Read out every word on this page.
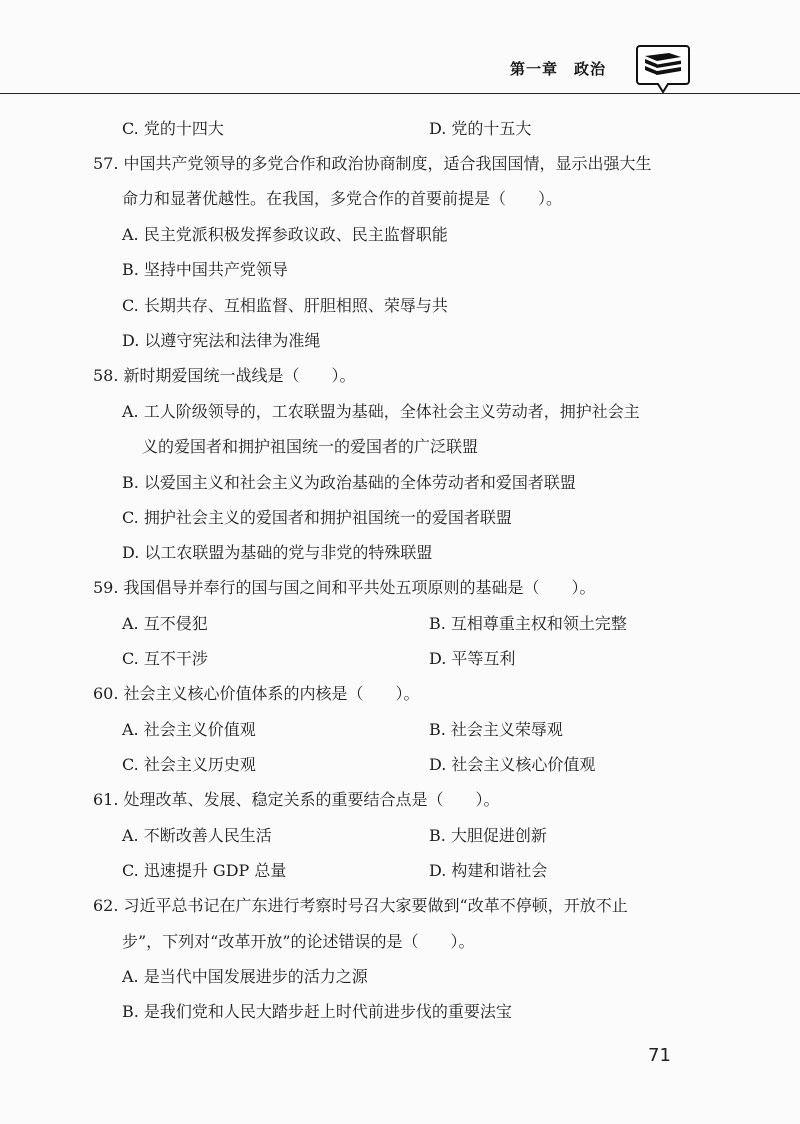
第一章　政治
C. 党的十四大	D. 党的十五大
57. 中国共产党领导的多党合作和政治协商制度，适合我国国情，显示出强大生
命力和显著优越性。在我国，多党合作的首要前提是（　　）。
A. 民主党派积极发挥参政议政、民主监督职能
B. 坚持中国共产党领导
C. 长期共存、互相监督、肝胆相照、荣辱与共
D. 以遵守宪法和法律为准绳
58. 新时期爱国统一战线是（　　）。
A. 工人阶级领导的，工农联盟为基础，全体社会主义劳动者，拥护社会主
义的爱国者和拥护祖国统一的爱国者的广泛联盟
B. 以爱国主义和社会主义为政治基础的全体劳动者和爱国者联盟
C. 拥护社会主义的爱国者和拥护祖国统一的爱国者联盟
D. 以工农联盟为基础的党与非党的特殊联盟
59. 我国倡导并奉行的国与国之间和平共处五项原则的基础是（　　）。
A. 互不侵犯	B. 互相尊重主权和领土完整
C. 互不干涉	D. 平等互利
60. 社会主义核心价值体系的内核是（　　）。
A. 社会主义价值观	B. 社会主义荣辱观
C. 社会主义历史观	D. 社会主义核心价值观
61. 处理改革、发展、稳定关系的重要结合点是（　　）。
A. 不断改善人民生活	B. 大胆促进创新
C. 迅速提升 GDP 总量	D. 构建和谐社会
62. 习近平总书记在广东进行考察时号召大家要做到“改革不停顿，开放不止
步”，下列对“改革开放”的论述错误的是（　　）。
A. 是当代中国发展进步的活力之源
B. 是我们党和人民大踏步赶上时代前进步伐的重要法宝
71
